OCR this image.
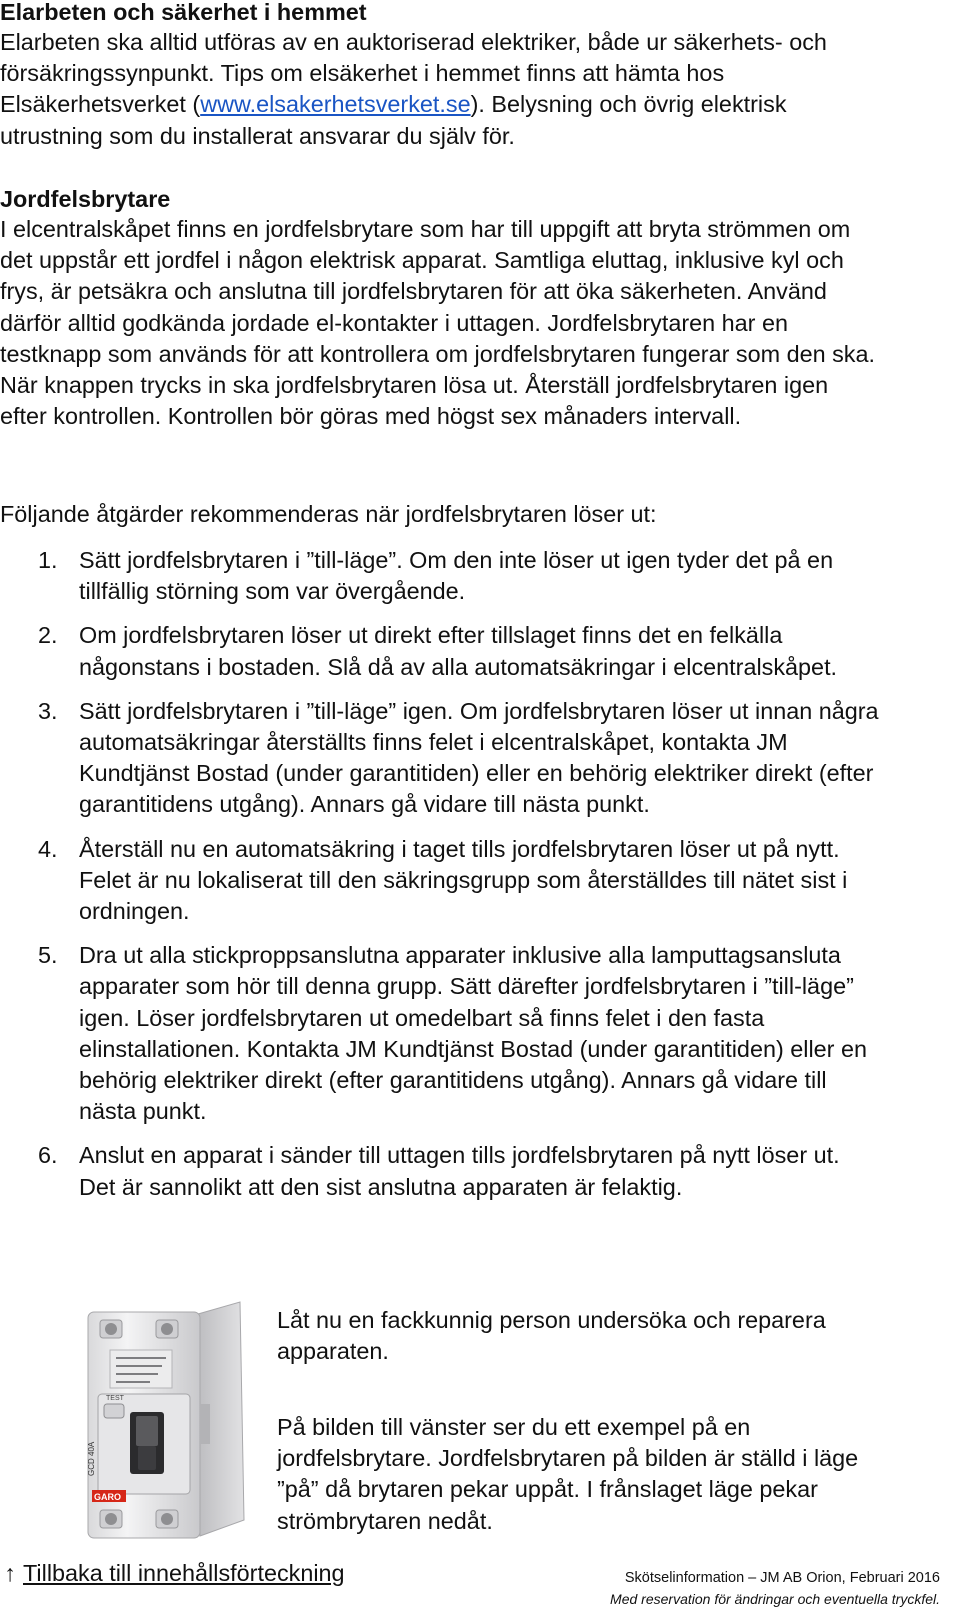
Elarbeten och säkerhet i hemmet

Elarbeten ska alltid utföras av en auktoriserad elektriker, både ur säkerhets- och försäkringssynpunkt. Tips om elsäkerhet i hemmet finns att hämta hos Elsäkerhetsverket (www.elsakerhetsverket.se). Belysning och övrig elektrisk utrustning som du installerat ansvarar du själv för.

Jordfelsbrytare

I elcentralskåpet finns en jordfelsbrytare som har till uppgift att bryta strömmen om det uppstår ett jordfel i någon elektrisk apparat. Samtliga eluttag, inklusive kyl och frys, är petsäkra och anslutna till jordfelsbrytaren för att öka säkerheten. Använd därför alltid godkända jordade el-kontakter i uttagen. Jordfelsbrytaren har en testknapp som används för att kontrollera om jordfelsbrytaren fungerar som den ska. När knappen trycks in ska jordfelsbrytaren lösa ut. Återställ jordfelsbrytaren igen efter kontrollen. Kontrollen bör göras med högst sex månaders intervall.

Följande åtgärder rekommenderas när jordfelsbrytaren löser ut:
1. Sätt jordfelsbrytaren i ”till-läge”. Om den inte löser ut igen tyder det på en tillfällig störning som var övergående.
2. Om jordfelsbrytaren löser ut direkt efter tillslaget finns det en felkälla någonstans i bostaden. Slå då av alla automatsäkringar i elcentralskåpet.
3. Sätt jordfelsbrytaren i ”till-läge” igen. Om jordfelsbrytaren löser ut innan några automatsäkringar återställts finns felet i elcentralskåpet, kontakta JM Kundtjänst Bostad (under garantitiden) eller en behörig elektriker direkt (efter garantitidens utgång). Annars gå vidare till nästa punkt.
4. Återställ nu en automatsäkring i taget tills jordfelsbrytaren löser ut på nytt. Felet är nu lokaliserat till den säkringsgrupp som återställdes till nätet sist i ordningen.
5. Dra ut alla stickproppsanslutna apparater inklusive alla lamputtagsansluta apparater som hör till denna grupp. Sätt därefter jordfelsbrytaren i ”till-läge” igen. Löser jordfelsbrytaren ut omedelbart så finns felet i den fasta elinstallationen. Kontakta JM Kundtjänst Bostad (under garantitiden) eller en behörig elektriker direkt (efter garantitidens utgång). Annars gå vidare till nästa punkt.
6. Anslut en apparat i sänder till uttagen tills jordfelsbrytaren på nytt löser ut. Det är sannolikt att den sist anslutna apparaten är felaktig.
TEST
GCD 40A
GARO
Låt nu en fackkunnig person undersöka och reparera apparaten.
På bilden till vänster ser du ett exempel på en jordfelsbrytare. Jordfelsbrytaren på bilden är ställd i läge ”på” då brytaren pekar uppåt. I frånslaget läge pekar strömbrytaren nedåt.
↑ Tillbaka till innehållsförteckning	Skötselinformation – JM AB Orion, Februari 2016
Med reservation för ändringar och eventuella tryckfel.
